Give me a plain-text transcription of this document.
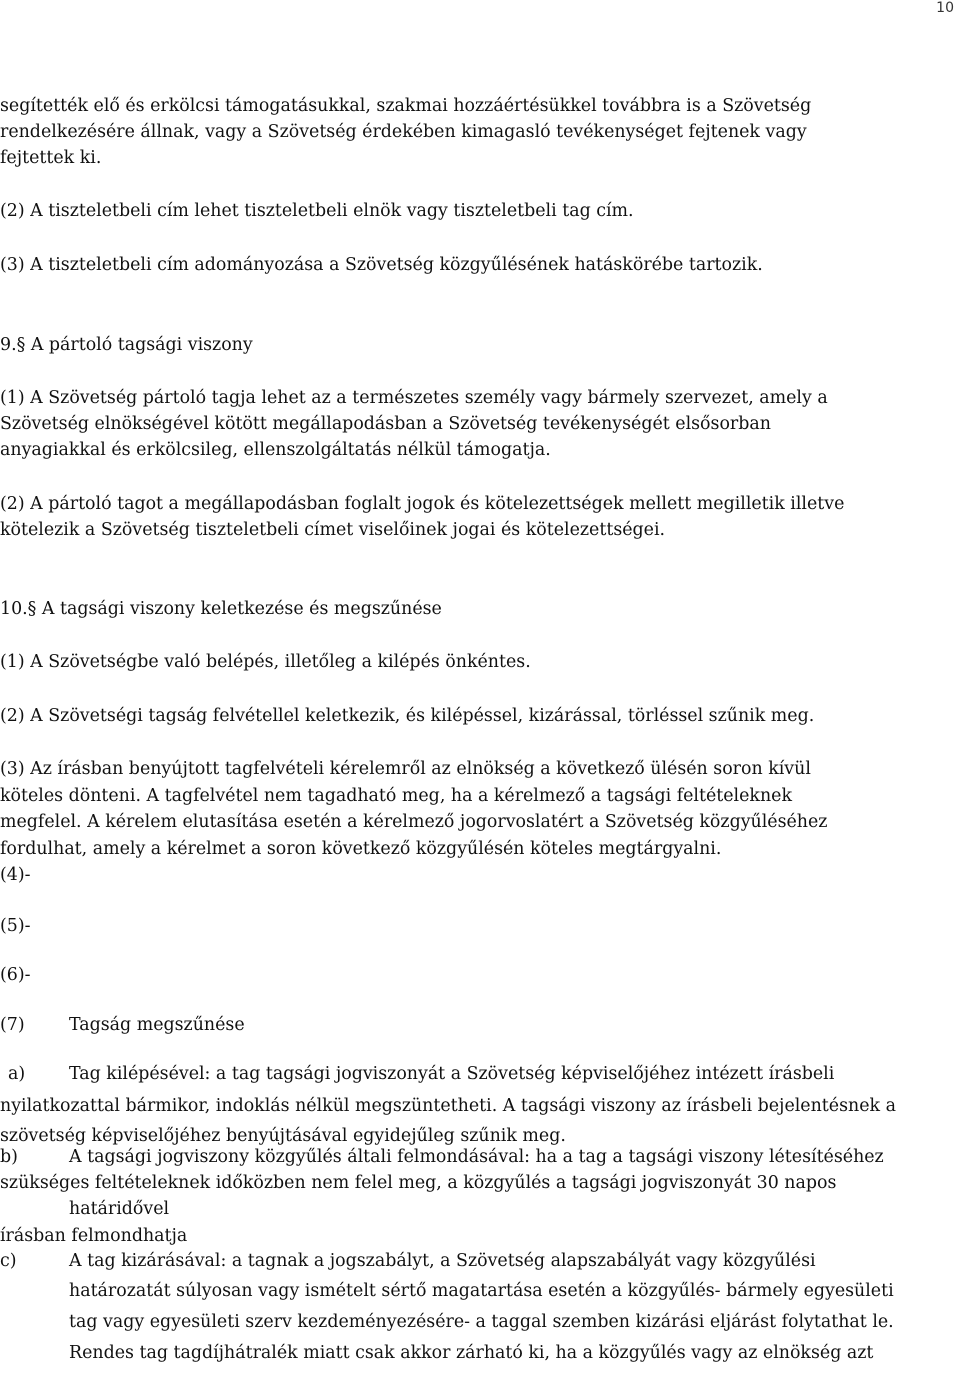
10
segítették elő és erkölcsi támogatásukkal, szakmai hozzáértésükkel továbbra is a Szövetség
rendelkezésére állnak, vagy a Szövetség érdekében kimagasló tevékenységet fejtenek vagy
fejtettek ki.
(2) A tiszteletbeli cím lehet tiszteletbeli elnök vagy tiszteletbeli tag cím.
(3) A tiszteletbeli cím adományozása a Szövetség közgyűlésének hatáskörébe tartozik.
9.§ A pártoló tagsági viszony
(1) A Szövetség pártoló tagja lehet az a természetes személy vagy bármely szervezet, amely a
Szövetség elnökségével kötött megállapodásban a Szövetség tevékenységét elsősorban
anyagiakkal és erkölcsileg, ellenszolgáltatás nélkül támogatja.
(2) A pártoló tagot a megállapodásban foglalt jogok és kötelezettségek mellett megilletik illetve
kötelezik a Szövetség tiszteletbeli címet viselőinek jogai és kötelezettségei.
10.§ A tagsági viszony keletkezése és megszűnése
(1) A Szövetségbe való belépés, illetőleg a kilépés önkéntes.
(2) A Szövetségi tagság felvétellel keletkezik, és kilépéssel, kizárással, törléssel szűnik meg.
(3) Az írásban benyújtott tagfelvételi kérelemről az elnökség a következő ülésén soron kívül
köteles dönteni. A tagfelvétel nem tagadható meg, ha a kérelmező a tagsági feltételeknek
megfelel. A kérelem elutasítása esetén a kérelmező jogorvoslatért a Szövetség közgyűléséhez
fordulhat, amely a kérelmet a soron következő közgyűlésén köteles megtárgyalni.
(4)-
(5)-
(6)-
(7)	Tagság megszűnése
a)	Tag kilépésével: a tag tagsági jogviszonyát a Szövetség képviselőjéhez intézett írásbeli
nyilatkozattal bármikor, indoklás nélkül megszüntetheti. A tagsági viszony az írásbeli bejelentésnek a
szövetség képviselőjéhez benyújtásával egyidejűleg szűnik meg.
b)	A tagsági jogviszony közgyűlés általi felmondásával: ha a tag a tagsági viszony létesítéséhez
szükséges feltételeknek időközben nem felel meg, a közgyűlés a tagsági jogviszonyát 30 napos
határidővel
írásban felmondhatja
c)	A tag kizárásával: a tagnak a jogszabályt, a Szövetség alapszabályát vagy közgyűlési
határozatát súlyosan vagy ismételt sértő magatartása esetén a közgyűlés- bármely egyesületi
tag vagy egyesületi szerv kezdeményezésére- a taggal szemben kizárási eljárást folytathat le.
Rendes tag tagdíjhátralék miatt csak akkor zárható ki, ha a közgyűlés vagy az elnökség azt
